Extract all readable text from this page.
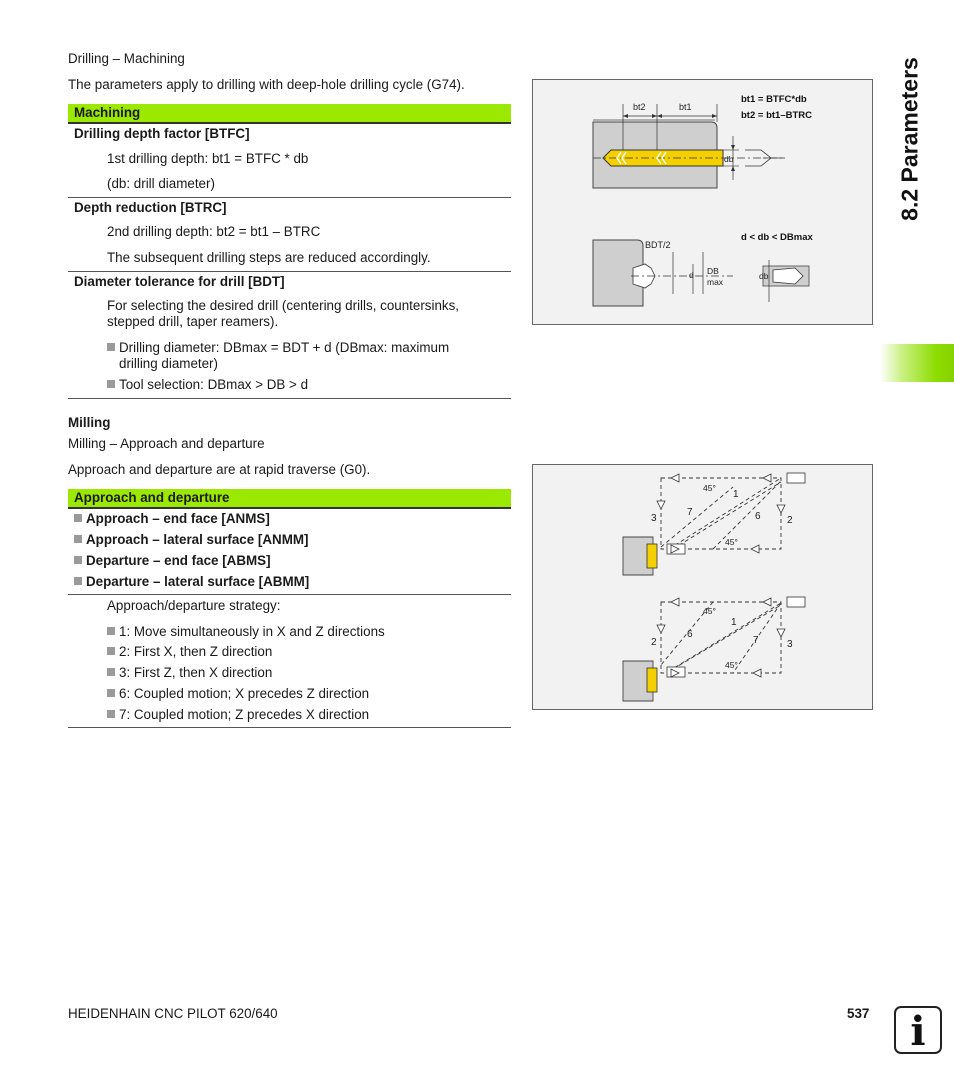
8.2 Parameters
Drilling – Machining
The parameters apply to drilling with deep-hole drilling cycle (G74).
Machining
Drilling depth factor [BTFC]
1st drilling depth: bt1 = BTFC * db
(db: drill diameter)
Depth reduction [BTRC]
2nd drilling depth: bt2 = bt1 – BTRC
The subsequent drilling steps are reduced accordingly.
Diameter tolerance for drill [BDT]
For selecting the desired drill (centering drills, countersinks,
stepped drill, taper reamers).
Drilling diameter: DBmax = BDT + d (DBmax: maximum
drilling diameter)
Tool selection: DBmax > DB > d
Milling
Milling – Approach and departure
Approach and departure are at rapid traverse (G0).
Approach and departure
Approach – end face [ANMS]
Approach – lateral surface [ANMM]
Departure – end face [ABMS]
Departure – lateral surface [ABMM]
Approach/departure strategy:
1: Move simultaneously in X and Z directions
2: First X, then Z direction
3: First Z, then X direction
6: Coupled motion; X precedes Z direction
7: Coupled motion; Z precedes X direction
bt2	bt1
db
bt1 = BTFC*db
bt2 = bt1–BTRC
d < db < DBmax
BDT/2
d DB
max
db
3
7
1
6	2
45°
45°
2
6
1
7	3
45°
45°
HEIDENHAIN CNC PILOT 620/640	537	i
